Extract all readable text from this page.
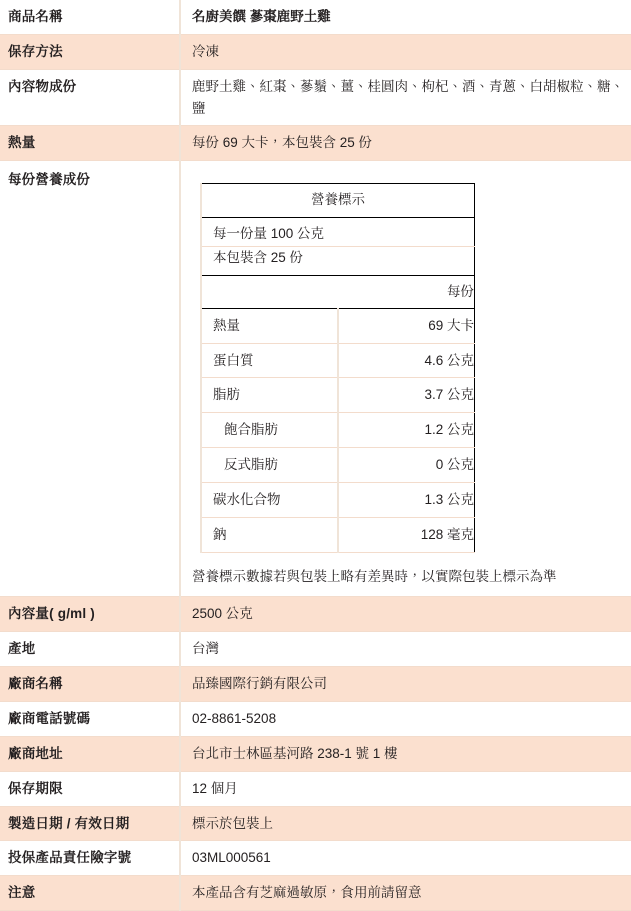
商品名稱	名廚美饌 蔘棗鹿野土雞
保存方法	冷凍
內容物成份	鹿野土雞、紅棗、蔘鬚、薑、桂圓肉、枸杞、酒、青蔥、白胡椒粒、糖、鹽
熱量	每份 69 大卡，本包裝含 25 份
每份營養成份	
營養標示
每一份量 100 公克
本包裝含 25 份
每份
熱量	69 大卡
蛋白質	4.6 公克
脂肪	3.7 公克
飽合脂肪	1.2 公克
反式脂肪	0 公克
碳水化合物	1.3 公克
鈉	128 毫克
營養標示數據若與包裝上略有差異時，以實際包裝上標示為準

內容量( g/ml )	2500 公克
產地	台灣
廠商名稱	品臻國際行銷有限公司
廠商電話號碼	02-8861-5208
廠商地址	台北市士林區基河路 238-1 號 1 樓
保存期限	12 個月
製造日期 / 有效日期	標示於包裝上
投保產品責任險字號	03ML000561
注意	本產品含有芝麻過敏原，食用前請留意
